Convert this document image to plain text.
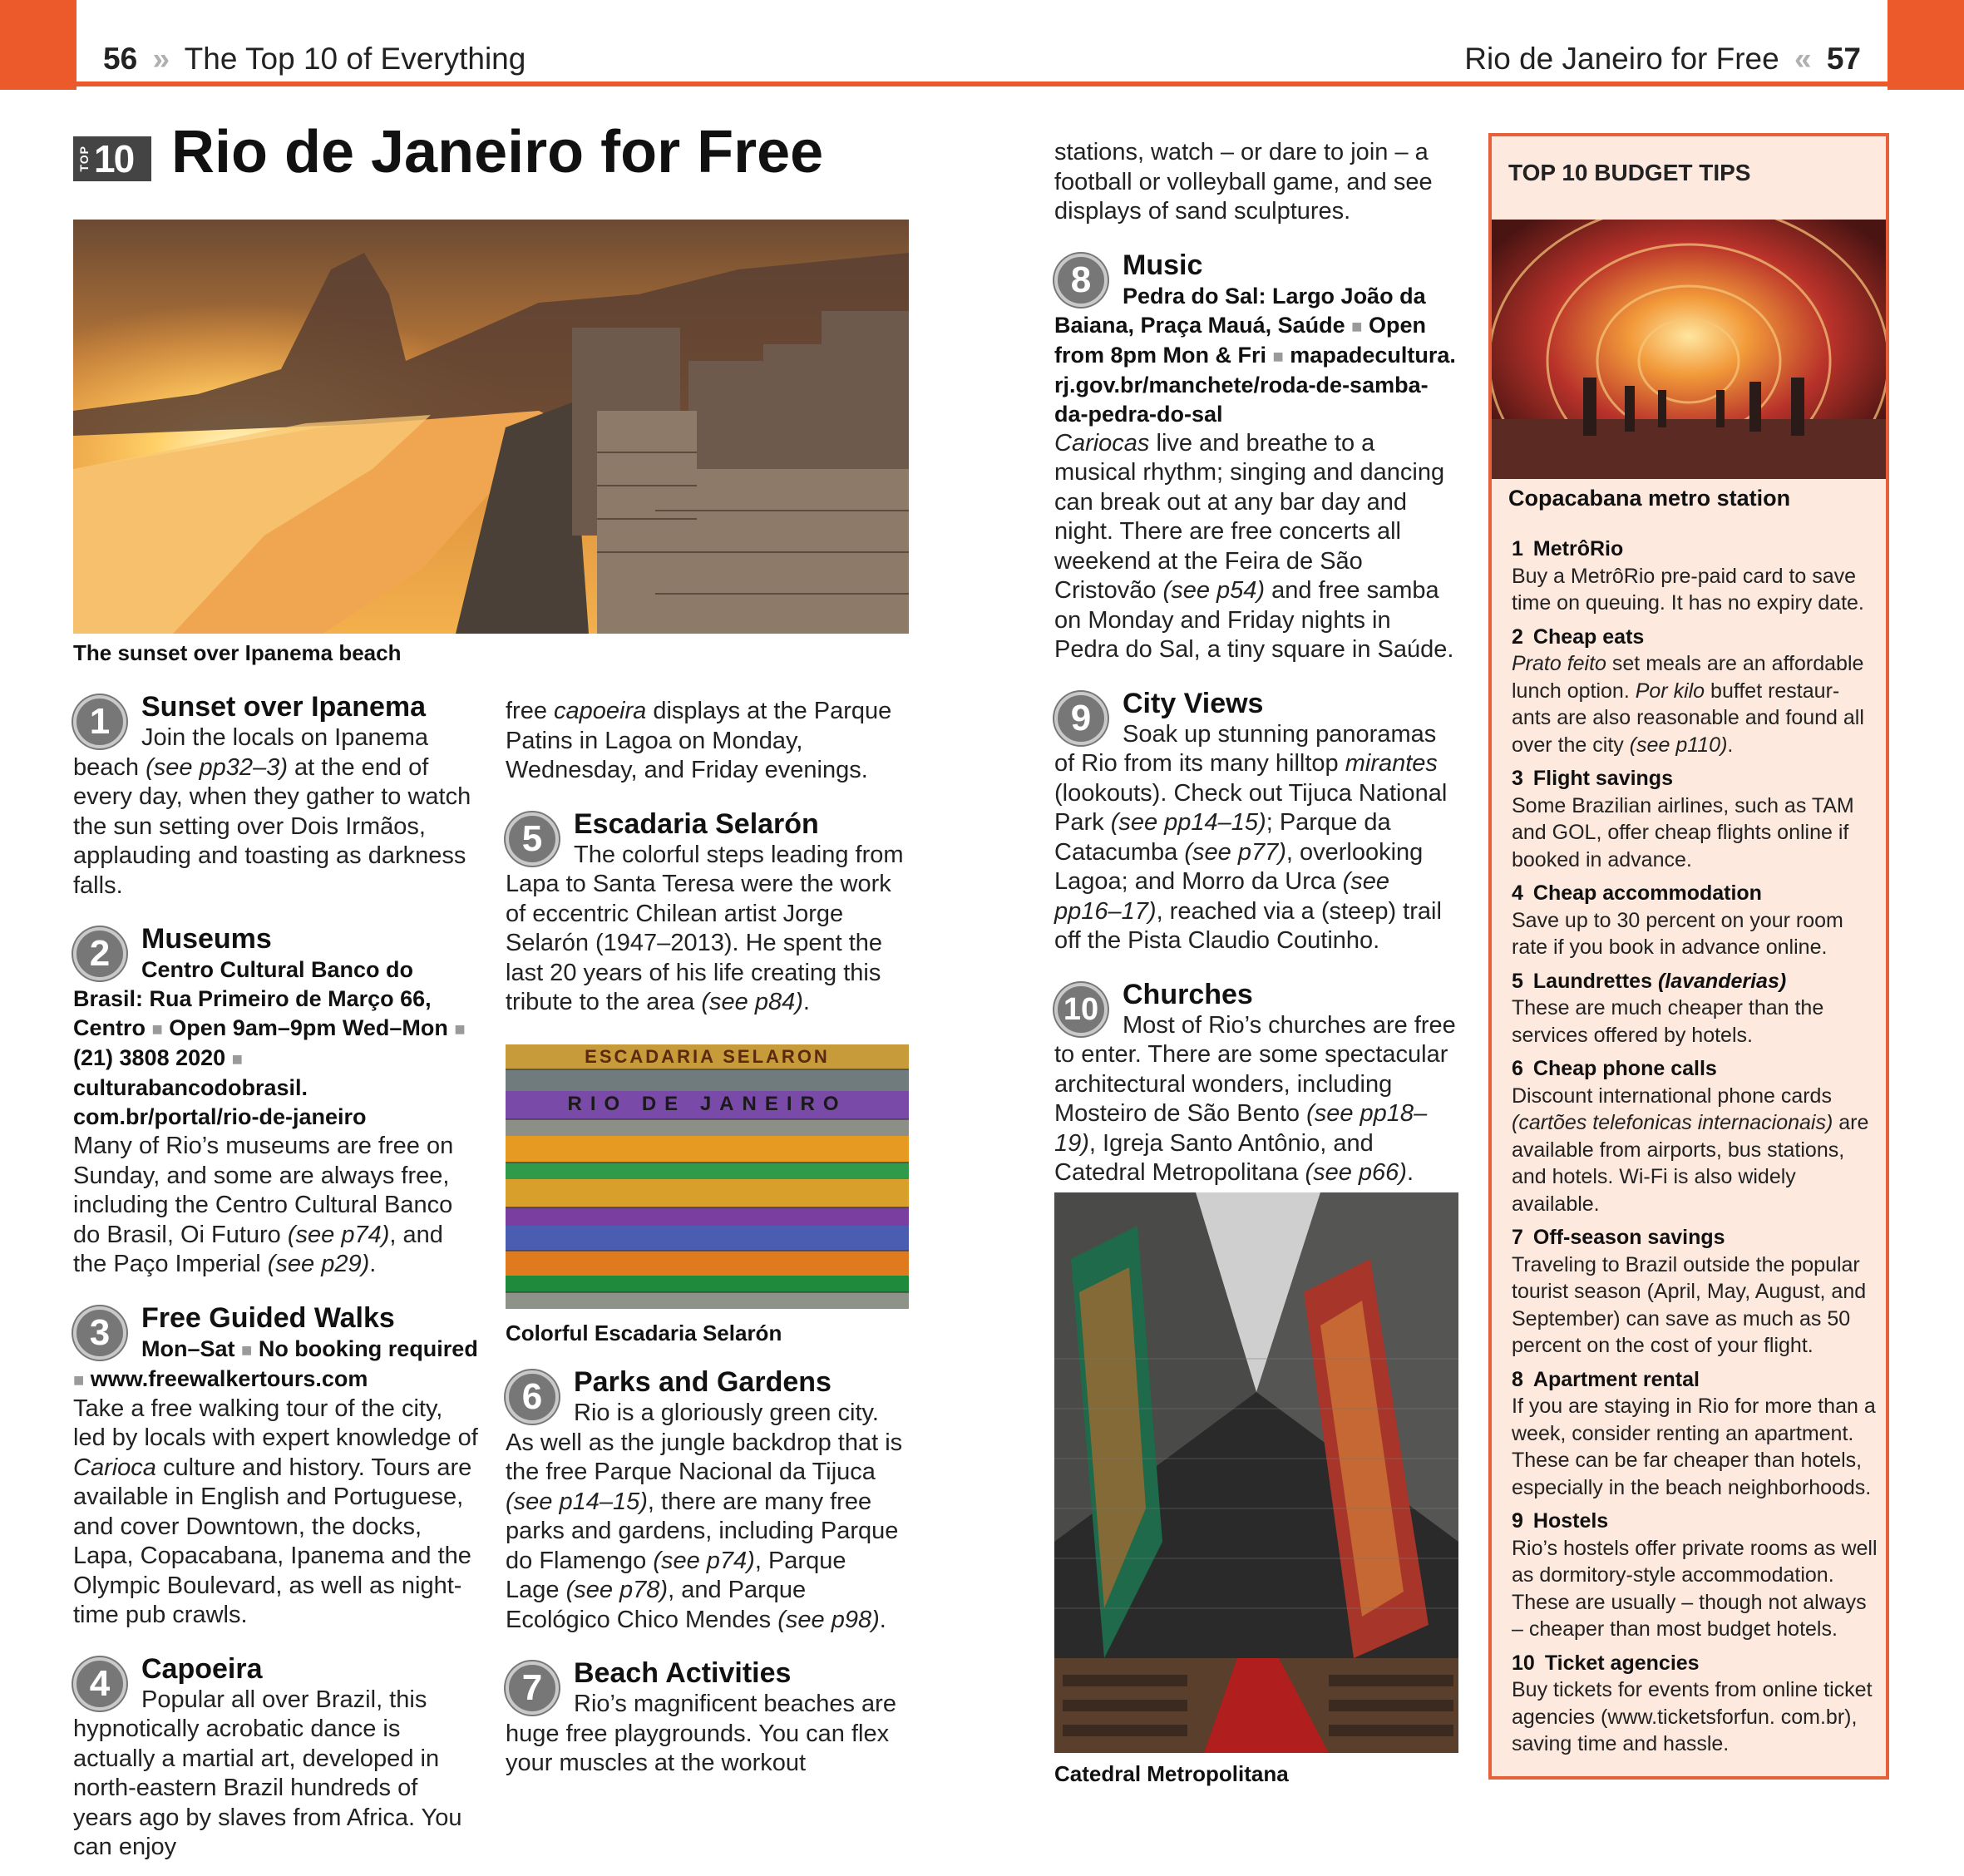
56 » The Top 10 of Everything	Rio de Janeiro for Free « 57
TOP 10 Rio de Janeiro for Free
The sunset over Ipanema beach
1	Sunset over Ipanema
Join the locals on Ipanema beach (see pp32–3) at the end of every day, when they gather to watch the sun setting over Dois Irmãos, applauding and toasting as darkness falls.
2	Museums
Centro Cultural Banco do Brasil: Rua Primeiro de Março 66, Centro ■ Open 9am–9pm Wed–Mon ■ (21) 3808 2020 ■ culturabancodobrasil. com.br/portal/rio-de-janeiro
Many of Rio’s museums are free on Sunday, and some are always free, including the Centro Cultural Banco do Brasil, Oi Futuro (see p74), and the Paço Imperial (see p29).
3	Free Guided Walks
Mon–Sat ■ No booking required ■ www.freewalkertours.com
Take a free walking tour of the city, led by locals with expert knowledge of Carioca culture and history. Tours are available in English and Portuguese, and cover Downtown, the docks, Lapa, Copacabana, Ipanema and the Olympic Boulevard, as well as night-time pub crawls.
4	Capoeira
Popular all over Brazil, this hypnotically acrobatic dance is actually a martial art, developed in north-eastern Brazil hundreds of years ago by slaves from Africa. You can enjoy
free capoeira displays at the Parque Patins in Lagoa on Monday, Wednesday, and Friday evenings.
5	Escadaria Selarón
The colorful steps leading from Lapa to Santa Teresa were the work of eccentric Chilean artist Jorge Selarón (1947–2013). He spent the last 20 years of his life creating this tribute to the area (see p84).
ESCADARIA SELARON
RIO DE JANEIRO
Colorful Escadaria Selarón
6	Parks and Gardens
Rio is a gloriously green city. As well as the jungle backdrop that is the free Parque Nacional da Tijuca (see p14–15), there are many free parks and gardens, including Parque do Flamengo (see p74), Parque Lage (see p78), and Parque Ecológico Chico Mendes (see p98).
7	Beach Activities
Rio’s magnificent beaches are huge free playgrounds. You can flex your muscles at the workout
stations, watch – or dare to join – a football or volleyball game, and see displays of sand sculptures.
8	Music
Pedra do Sal: Largo João da Baiana, Praça Mauá, Saúde ■ Open from 8pm Mon & Fri ■ mapadecultura. rj.gov.br/manchete/roda-de-samba-da-pedra-do-sal
Cariocas live and breathe to a musical rhythm; singing and dancing can break out at any bar day and night. There are free concerts all weekend at the Feira de São Cristovão (see p54) and free samba on Monday and Friday nights in Pedra do Sal, a tiny square in Saúde.
9	City Views
Soak up stunning panoramas of Rio from its many hilltop mirantes (lookouts). Check out Tijuca National Park (see pp14–15); Parque da Catacumba (see p77), overlooking Lagoa; and Morro da Urca (see pp16–17), reached via a (steep) trail off the Pista Claudio Coutinho.
10 Churches
Most of Rio’s churches are free to enter. There are some spectacular architectural wonders, including Mosteiro de São Bento (see pp18–19), Igreja Santo Antônio, and Catedral Metropolitana (see p66).
Catedral Metropolitana
TOP 10 BUDGET TIPS
Copacabana metro station
1 MetrôRio
Buy a MetrôRio pre-paid card to save time on queuing. It has no expiry date.
2 Cheap eats
Prato feito set meals are an affordable lunch option. Por kilo buffet restaur-ants are also reasonable and found all over the city (see p110).
3 Flight savings
Some Brazilian airlines, such as TAM and GOL, offer cheap flights online if booked in advance.
4 Cheap accommodation
Save up to 30 percent on your room rate if you book in advance online.
5 Laundrettes (lavanderias)
These are much cheaper than the services offered by hotels.
6 Cheap phone calls
Discount international phone cards (cartões telefonicas internacionais) are available from airports, bus stations, and hotels. Wi-Fi is also widely available.
7 Off-season savings
Traveling to Brazil outside the popular tourist season (April, May, August, and September) can save as much as 50 percent on the cost of your flight.
8 Apartment rental
If you are staying in Rio for more than a week, consider renting an apartment. These can be far cheaper than hotels, especially in the beach neighborhoods.
9 Hostels
Rio’s hostels offer private rooms as well as dormitory-style accommodation. These are usually – though not always – cheaper than most budget hotels.
10 Ticket agencies
Buy tickets for events from online ticket agencies (www.ticketsforfun. com.br), saving time and hassle.
